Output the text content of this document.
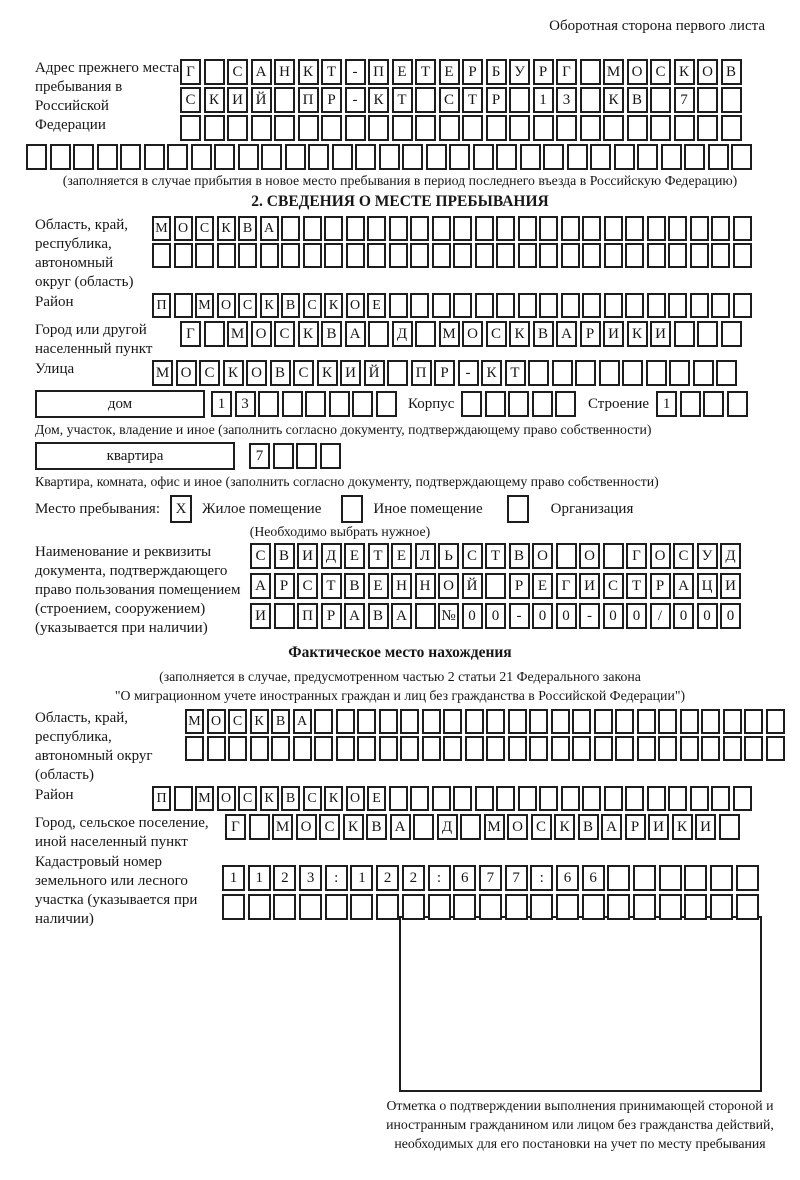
Оборотная сторона первого листа
Адрес прежнего места пребывания в Российской Федерации
Г	С А Н К Т	-	П Е Т Е Р	Б У Р Г	М О С К О В
С К И Й	П Р	-	К Т	С Т Р	1	3	К В	7
(заполняется в случае прибытия в новое место пребывания в период последнего въезда в Российскую Федерацию)
2. СВЕДЕНИЯ О МЕСТЕ ПРЕБЫВАНИЯ
Область, край, республика, автономный округ (область)
М О С К В А
Район	П	М О С К В С К О Е
Город или другой населенный пункт
Г	М О С К В А	Д	М О С К В А Р И К И
Улица	М О С К О В С К И Й	П Р	-	К Т
дом	1	3	Корпус	Строение 1
Дом, участок, владение и иное (заполнить согласно документу, подтверждающему право собственности)
квартира	7
Квартира, комната, офис и иное (заполнить согласно документу, подтверждающему право собственности)
Место пребывания:	X	Жилое помещение	Иное помещение	Организация
(Необходимо выбрать нужное)
Наименование и реквизиты документа, подтверждающего право пользования помещением (строением, сооружением) (указывается при наличии)
С В И Д Е Т Е Л Ь С Т В О	О	Г О С У Д
А Р С Т В Е Н Н О Й	Р Е Г И С Т Р А Ц И
И	П Р А В А	№ 0	0	-	0	0	-	0	0	/	0	0	0
Фактическое место нахождения
(заполняется в случае, предусмотренном частью 2 статьи 21 Федерального закона
"О миграционном учете иностранных граждан и лиц без гражданства в Российской Федерации")
Область, край, республика, автономный округ (область)
М О С К В А
Район	П	М О С К В С К О Е
Город, сельское поселение, иной населенный пункт
Г	М О С К В А	Д	М О С К В А Р И К И
Кадастровый номер земельного или лесного участка (указывается при наличии)
1	1	2	3	:	1	2	2	:	6	7	7	:	6	6
Отметка о подтверждении выполнения принимающей стороной и иностранным гражданином или лицом без гражданства действий, необходимых для его постановки на учет по месту пребывания
